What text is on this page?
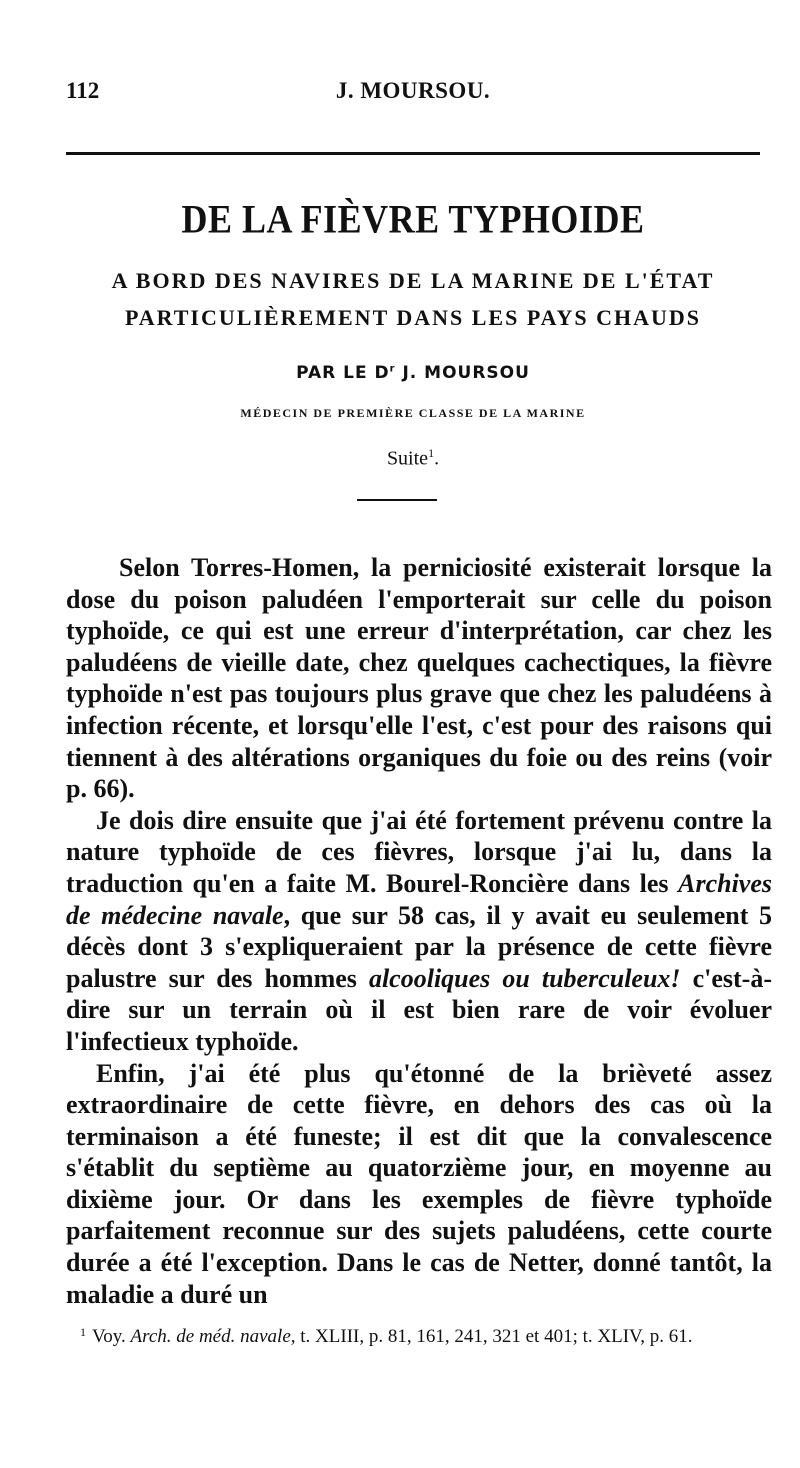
112	J. MOURSOU.
DE LA FIÈVRE TYPHOIDE
A BORD DES NAVIRES DE LA MARINE DE L'ÉTAT
PARTICULIÈREMENT DANS LES PAYS CHAUDS
PAR LE $D^r$ J. MOURSOU
MÉDECIN DE PREMIÈRE CLASSE DE LA MARINE
Suite$^1$.

Selon Torres-Homen, la perniciosité existerait lorsque la dose du poison paludéen l'emporterait sur celle du poison typhoïde, ce qui est une erreur d'interprétation, car chez les paludéens de vieille date, chez quelques cachectiques, la fièvre typhoïde n'est pas toujours plus grave que chez les paludéens à infection récente, et lorsqu'elle l'est, c'est pour des raisons qui tiennent à des altérations organiques du foie ou des reins (voir p. 66).

Je dois dire ensuite que j'ai été fortement prévenu contre la nature typhoïde de ces fièvres, lorsque j'ai lu, dans la traduction qu'en a faite M. Bourel-Roncière dans les Archives de médecine navale, que sur 58 cas, il y avait eu seulement 5 décès dont 3 s'expliqueraient par la présence de cette fièvre palustre sur des hommes alcooliques ou tuberculeux! c'est-à-dire sur un terrain où il est bien rare de voir évoluer l'infectieux typhoïde.

Enfin, j'ai été plus qu'étonné de la brièveté assez extraordinaire de cette fièvre, en dehors des cas où la terminaison a été funeste; il est dit que la convalescence s'établit du septième au quatorzième jour, en moyenne au dixième jour. Or dans les exemples de fièvre typhoïde parfaitement reconnue sur des sujets paludéens, cette courte durée a été l'exception. Dans le cas de Netter, donné tantôt, la maladie a duré un

$^1$ Voy. Arch. de méd. navale, t. XLIII, p. 81, 161, 241, 321 et 401; t. XLIV, p. 61.
